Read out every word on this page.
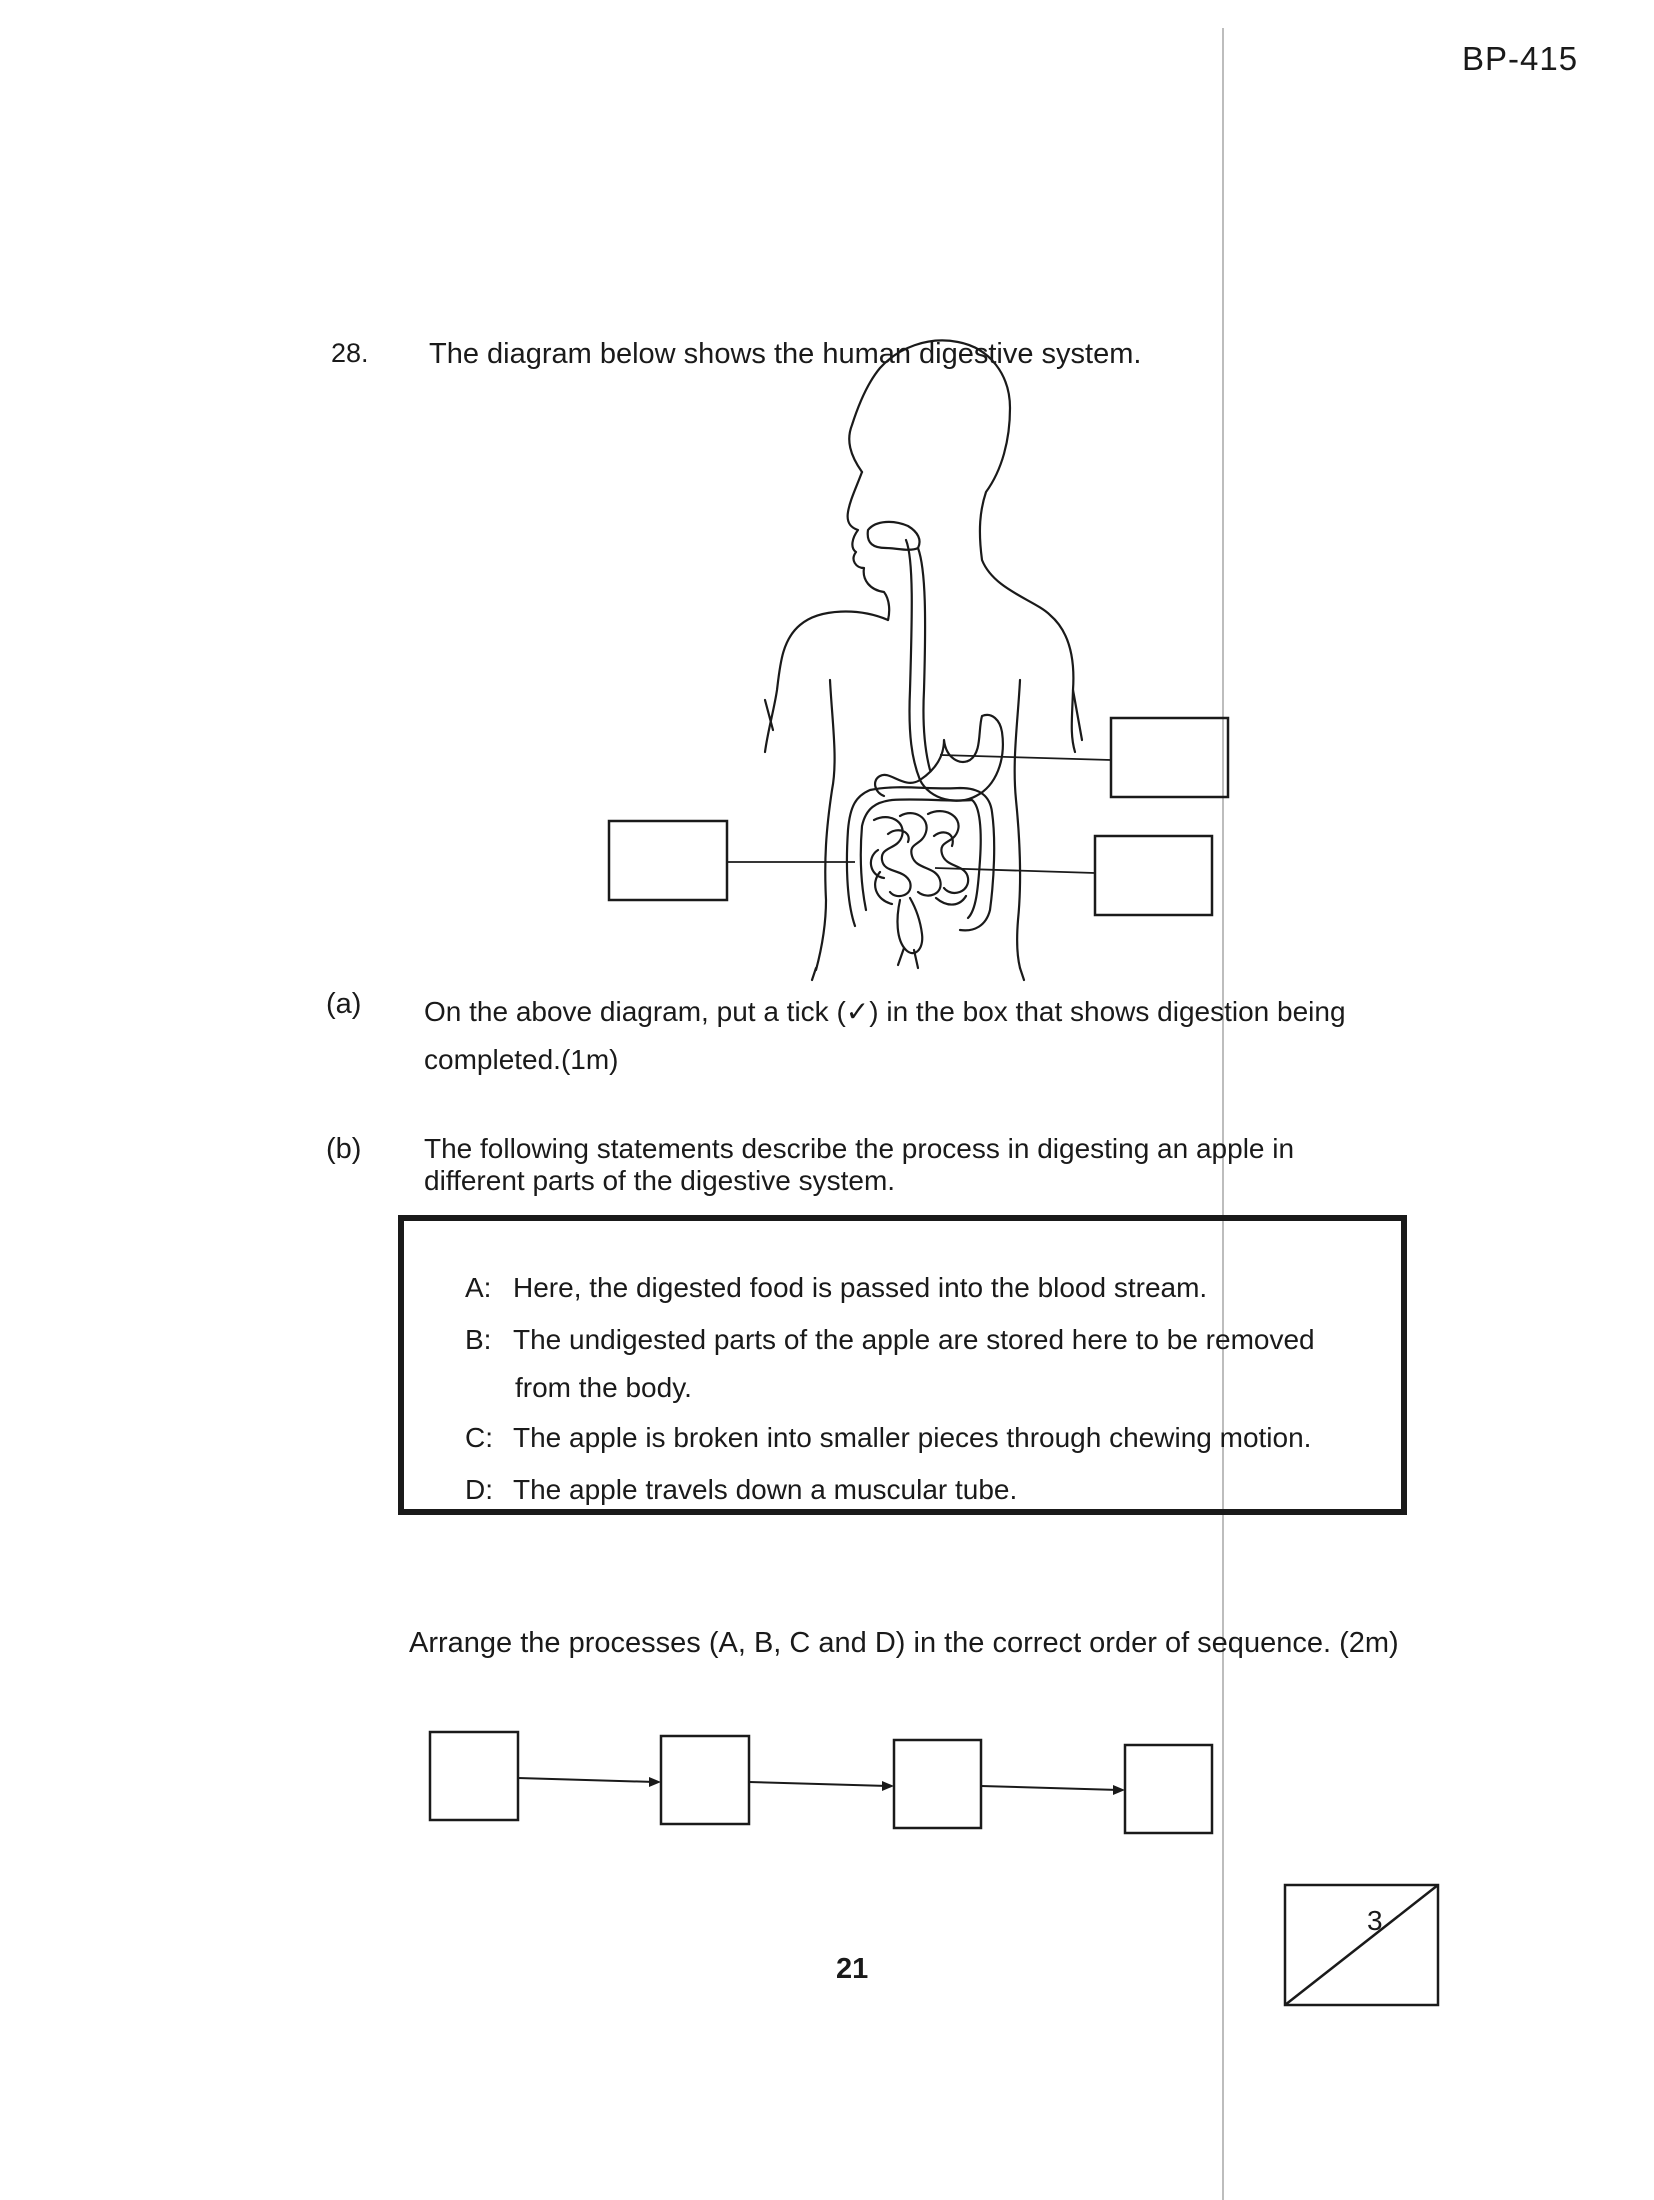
BP-415
28. The diagram below shows the human digestive system.
(a) On the above diagram, put a tick (✓) in the box that shows digestion being
completed.(1m)
(b) The following statements describe the process in digesting an apple in
different parts of the digestive system.
A: Here, the digested food is passed into the blood stream.
B: The undigested parts of the apple are stored here to be removed
from the body.
C: The apple is broken into smaller pieces through chewing motion.
D: The apple travels down a muscular tube.
Arrange the processes (A, B, C and D) in the correct order of sequence. (2m)
21
3
